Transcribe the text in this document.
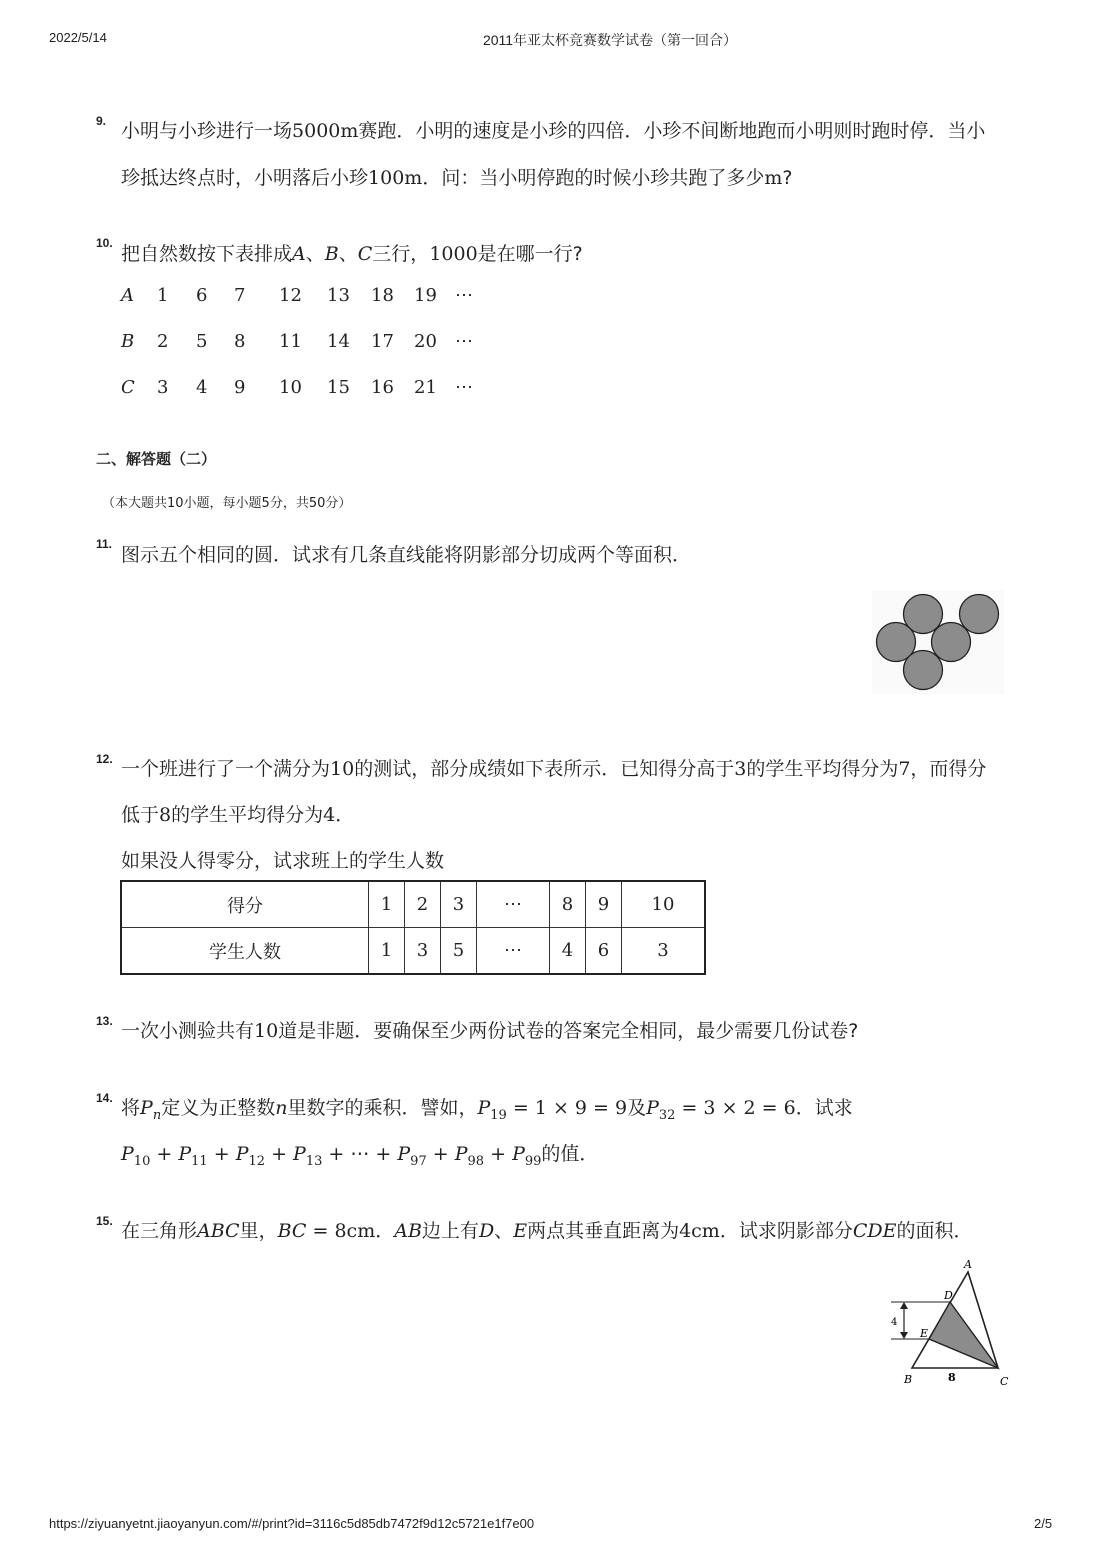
2022/5/14	2011年亚太杯竞赛数学试卷（第一回合）
9. 小明与小珍进行一场5000m赛跑．小明的速度是小珍的四倍．小珍不间断地跑而小明则时跑时停．当小
珍抵达终点时，小明落后小珍100m．问：当小明停跑的时候小珍共跑了多少m?
10. 把自然数按下表排成A、B、C三行，1000是在哪一行?
A 1 6 7 12 13 18 19 ⋯
B 2 5 8 11 14 17 20 ⋯
C 3 4 9 10 15 16 21 ⋯
二、解答题（二）
（本大题共10小题，每小题5分，共50分）
11. 图示五个相同的圆．试求有几条直线能将阴影部分切成两个等面积．
12. 一个班进行了一个满分为10的测试，部分成绩如下表所示．已知得分高于3的学生平均得分为7，而得分
低于8的学生平均得分为4．
如果没人得零分，试求班上的学生人数
得分	1	2	3	⋯	8	9	10
学生人数	1	3	5	⋯	4	6	3
13. 一次小测验共有10道是非题．要确保至少两份试卷的答案完全相同，最少需要几份试卷?
14. 将$P_n$定义为正整数n里数字的乘积．譬如，$P_{19} = 1 \times 9 = 9$及$P_{32} = 3 \times 2 = 6$．试求
$P_{10} + P_{11} + P_{12} + P_{13}$ + ⋯ + $P_{97} + P_{98} + P_{99}$的值．
15. 在三角形ABC里，BC = 8cm．AB边上有D、E两点其垂直距离为4cm．试求阴影部分CDE的面积．
A
D
E
B	C
4
8
https://ziyuanyetnt.jiaoyanyun.com/#/print?id=3116c5d85db7472f9d12c5721e1f7e00	2/5
